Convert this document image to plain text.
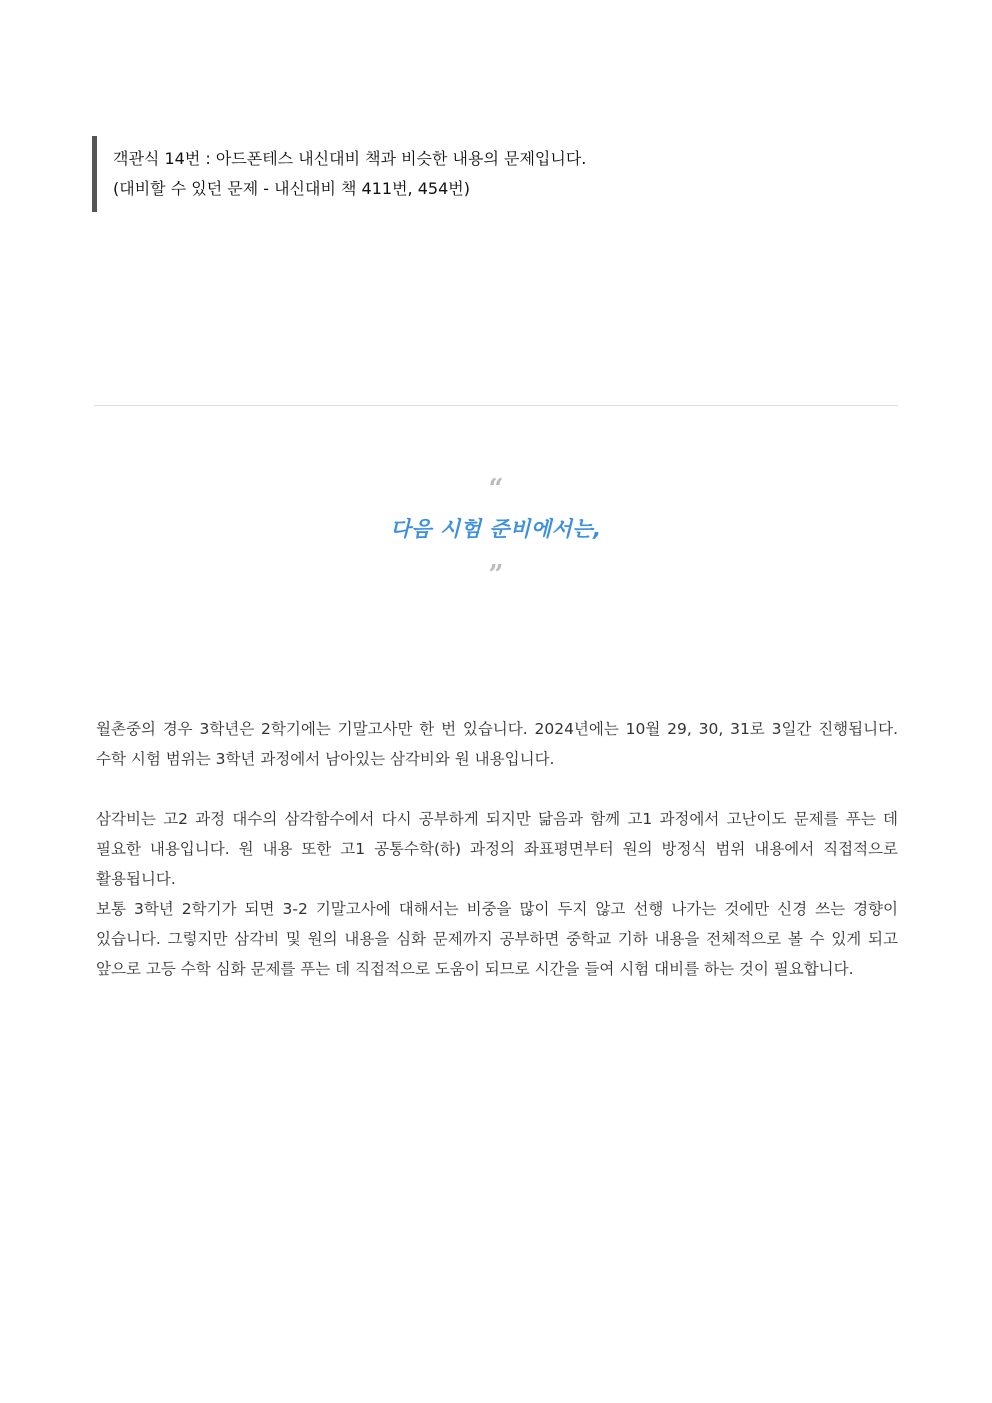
객관식 14번 : 아드폰테스 내신대비 책과 비슷한 내용의 문제입니다.
(대비할 수 있던 문제 - 내신대비 책 411번, 454번)
“
다음 시험 준비에서는,
”
월촌중의 경우 3학년은 2학기에는 기말고사만 한 번 있습니다. 2024년에는 10월 29, 30, 31로 3일간 진행됩니다. 수학 시험 범위는 3학년 과정에서 남아있는 삼각비와 원 내용입니다.
삼각비는 고2 과정 대수의 삼각함수에서 다시 공부하게 되지만 닮음과 함께 고1 과정에서 고난이도 문제를 푸는 데 필요한 내용입니다. 원 내용 또한 고1 공통수학(하) 과정의 좌표평면부터 원의 방정식 범위 내용에서 직접적으로 활용됩니다.
보통 3학년 2학기가 되면 3-2 기말고사에 대해서는 비중을 많이 두지 않고 선행 나가는 것에만 신경 쓰는 경향이 있습니다. 그렇지만 삼각비 및 원의 내용을 심화 문제까지 공부하면 중학교 기하 내용을 전체적으로 볼 수 있게 되고 앞으로 고등 수학 심화 문제를 푸는 데 직접적으로 도움이 되므로 시간을 들여 시험 대비를 하는 것이 필요합니다.
